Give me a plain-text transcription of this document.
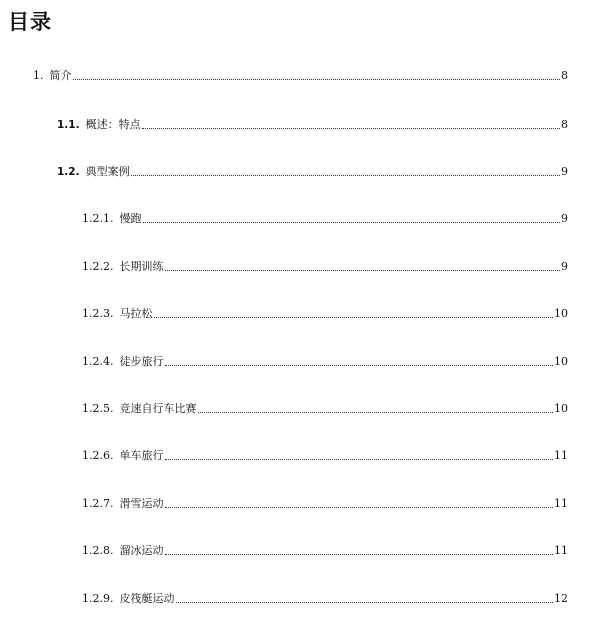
目录
1. 简介	8
1.1. 概述：特点	8
1.2. 典型案例	9
1.2.1. 慢跑	9
1.2.2. 长期训练	9
1.2.3. 马拉松	10
1.2.4. 徒步旅行	10
1.2.5. 竞速自行车比赛	10
1.2.6. 单车旅行	11
1.2.7. 滑雪运动	11
1.2.8. 溜冰运动	11
1.2.9. 皮筏艇运动	12
